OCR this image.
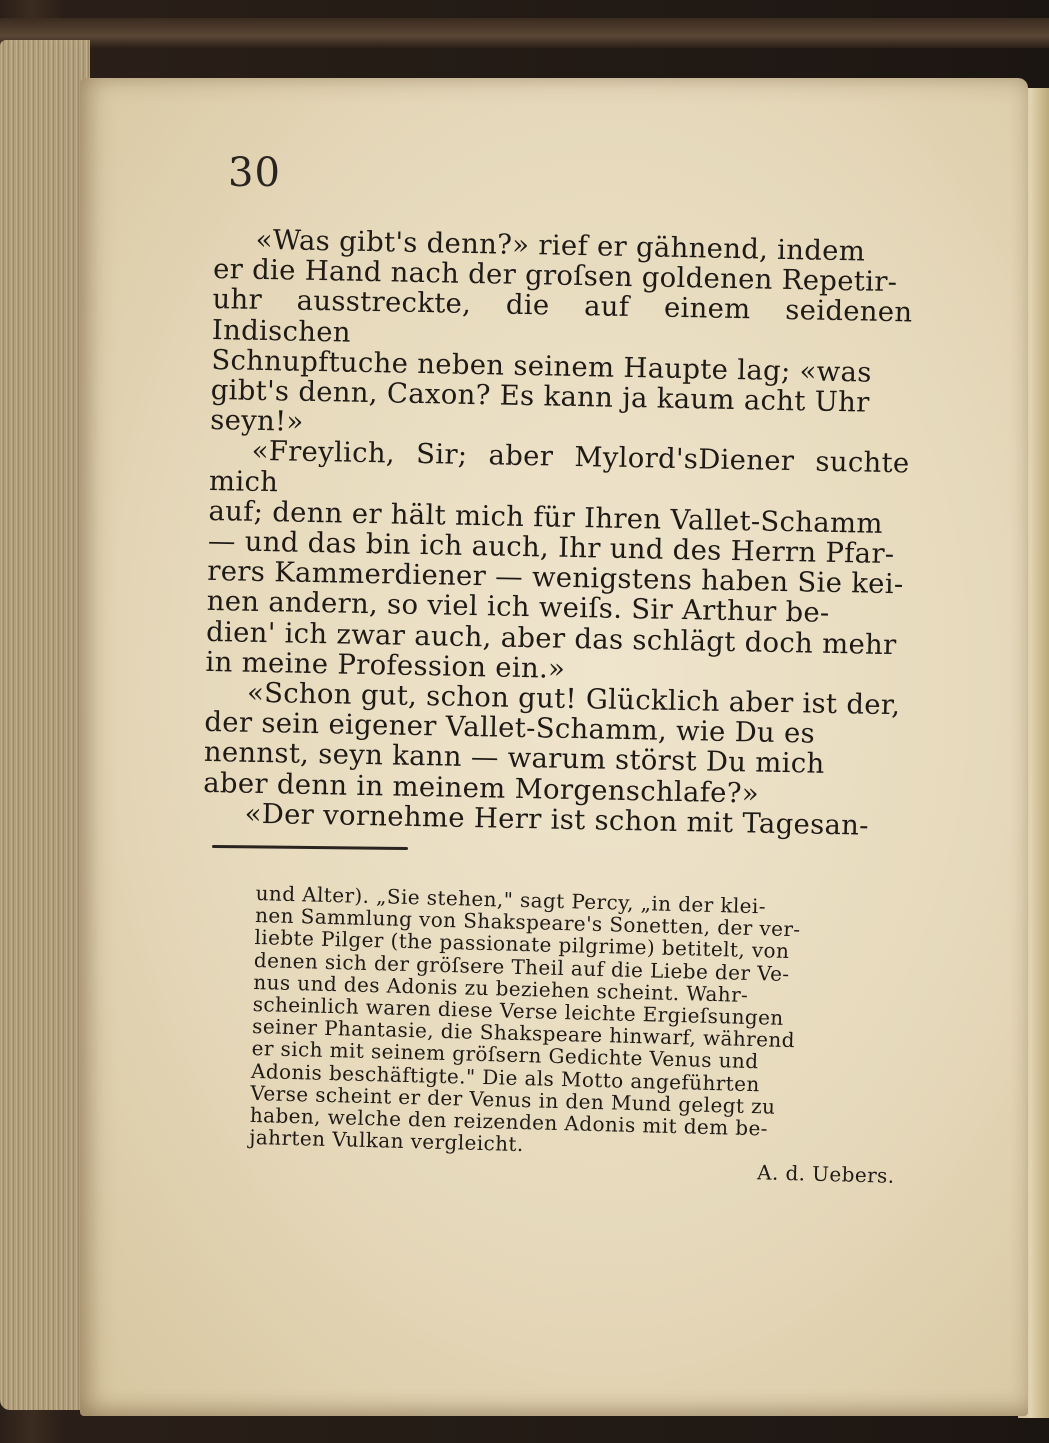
30

«Was gibt's denn?» rief er gähnend, indem
er die Hand nach der groſsen goldenen Repetir-
uhr ausstreckte, die auf einem seidenen Indischen
Schnupftuche neben seinem Haupte lag; «was
gibt's denn, Caxon? Es kann ja kaum acht Uhr
seyn!»

«Freylich, Sir; aber Mylord'sDiener suchte mich
auf; denn er hält mich für Ihren Vallet-Schamm
— und das bin ich auch, Ihr und des Herrn Pfar-
rers Kammerdiener — wenigstens haben Sie kei-
nen andern, so viel ich weiſs. Sir Arthur be-
dien' ich zwar auch, aber das schlägt doch mehr
in meine Profession ein.»

«Schon gut, schon gut! Glücklich aber ist der,
der sein eigener Vallet-Schamm, wie Du es
nennst, seyn kann — warum störst Du mich
aber denn in meinem Morgenschlafe?»

«Der vornehme Herr ist schon mit Tagesan-

und Alter). „Sie stehen," sagt Percy, „in der klei-
nen Sammlung von Shakspeare's Sonetten, der ver-
liebte Pilger (the passionate pilgrime) betitelt, von
denen sich der gröſsere Theil auf die Liebe der Ve-
nus und des Adonis zu beziehen scheint. Wahr-
scheinlich waren diese Verse leichte Ergieſsungen
seiner Phantasie, die Shakspeare hinwarf, während
er sich mit seinem gröſsern Gedichte Venus und
Adonis beschäftigte." Die als Motto angeführten
Verse scheint er der Venus in den Mund gelegt zu
haben, welche den reizenden Adonis mit dem be-
jahrten Vulkan vergleicht.

A. d. Uebers.
